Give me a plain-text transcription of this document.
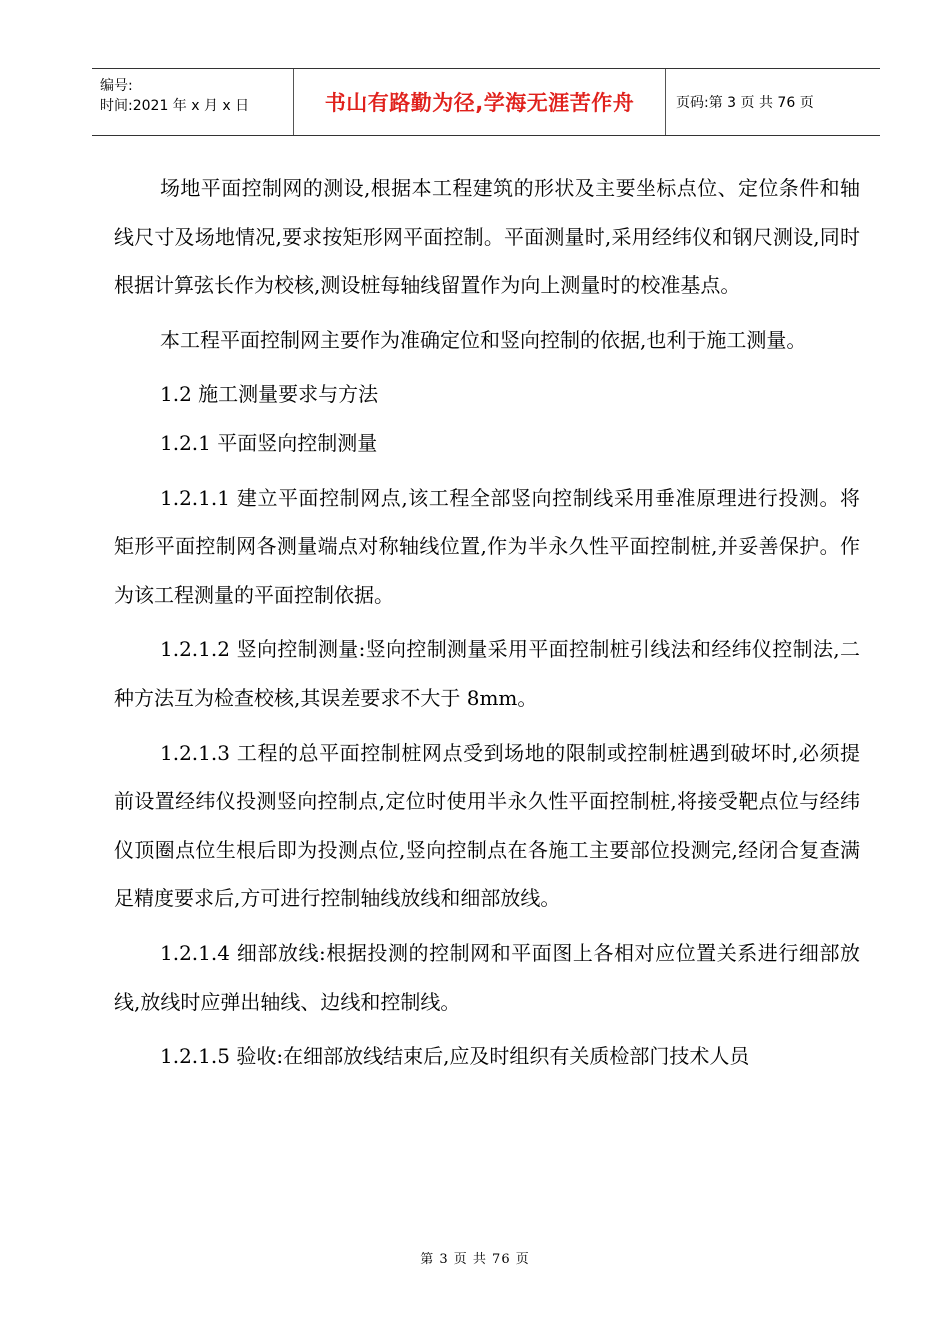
编号:
时间:2021 年 x 月 x 日	书山有路勤为径,学海无涯苦作舟	页码:第 3 页 共 76 页

场地平面控制网的测设,根据本工程建筑的形状及主要坐标点位、定位条件和轴线尺寸及场地情况,要求按矩形网平面控制。平面测量时,采用经纬仪和钢尺测设,同时根据计算弦长作为校核,测设桩每轴线留置作为向上测量时的校准基点。

本工程平面控制网主要作为准确定位和竖向控制的依据,也利于施工测量。

1.2 施工测量要求与方法

1.2.1 平面竖向控制测量

1.2.1.1 建立平面控制网点,该工程全部竖向控制线采用垂准原理进行投测。将矩形平面控制网各测量端点对称轴线位置,作为半永久性平面控制桩,并妥善保护。作为该工程测量的平面控制依据。

1.2.1.2 竖向控制测量:竖向控制测量采用平面控制桩引线法和经纬仪控制法,二种方法互为检查校核,其误差要求不大于 8mm。

1.2.1.3 工程的总平面控制桩网点受到场地的限制或控制桩遇到破坏时,必须提前设置经纬仪投测竖向控制点,定位时使用半永久性平面控制桩,将接受靶点位与经纬仪顶圈点位生根后即为投测点位,竖向控制点在各施工主要部位投测完,经闭合复查满足精度要求后,方可进行控制轴线放线和细部放线。

1.2.1.4 细部放线:根据投测的控制网和平面图上各相对应位置关系进行细部放线,放线时应弹出轴线、边线和控制线。

1.2.1.5 验收:在细部放线结束后,应及时组织有关质检部门技术人员

第 3 页 共 76 页
